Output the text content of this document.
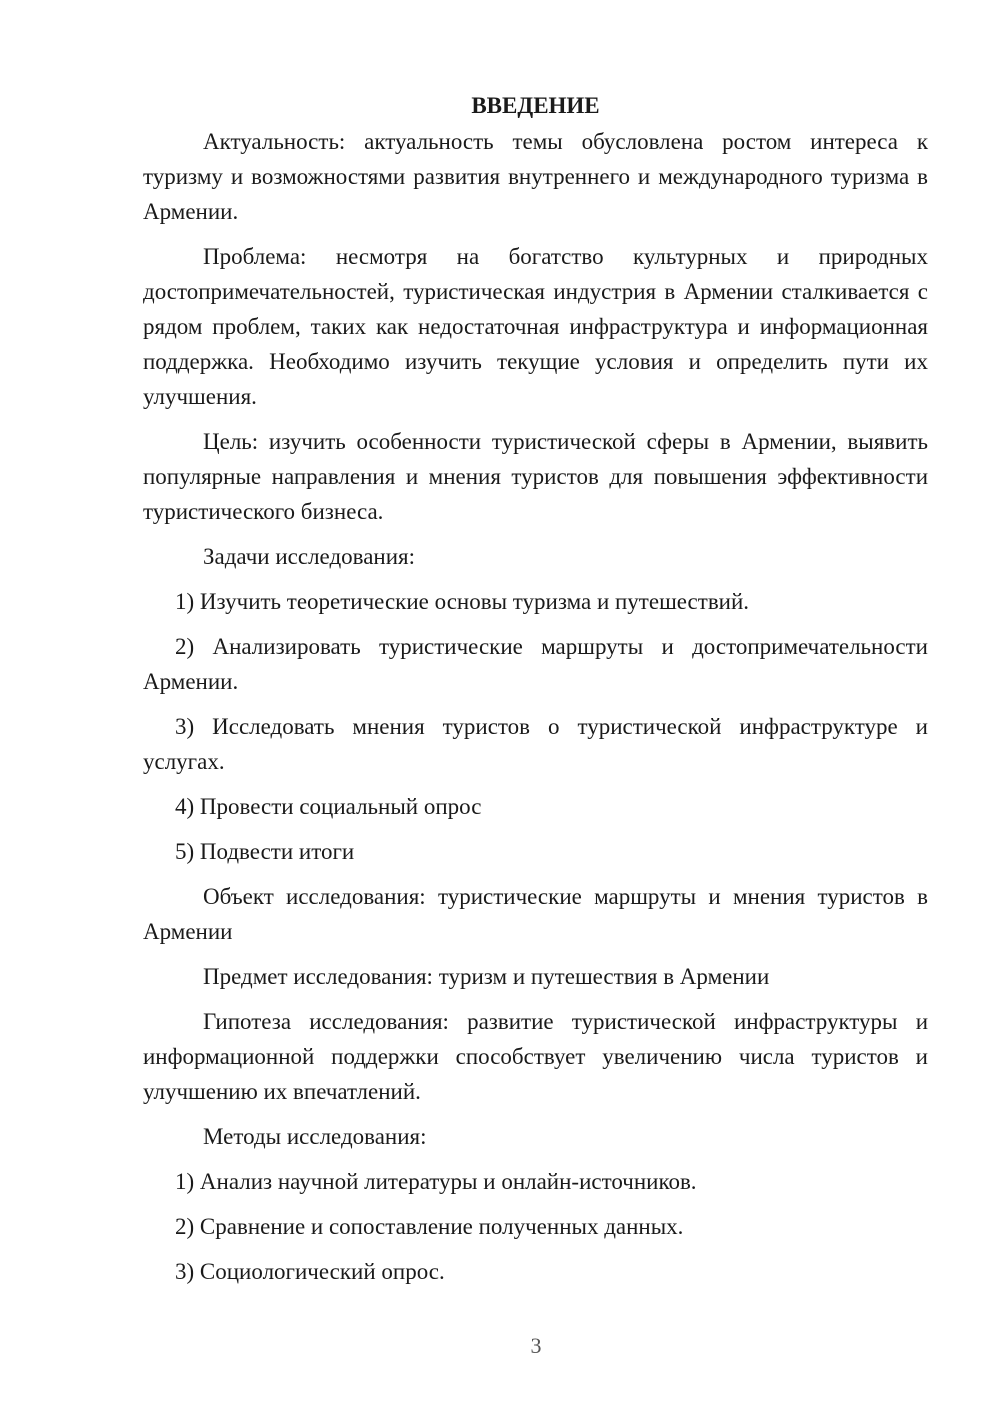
ВВЕДЕНИЕ

Актуальность: актуальность темы обусловлена ростом интереса к туризму и возможностями развития внутреннего и международного туризма в Армении.

Проблема: несмотря на богатство культурных и природных достопримечательностей, туристическая индустрия в Армении сталкивается с рядом проблем, таких как недостаточная инфраструктура и информационная поддержка. Необходимо изучить текущие условия и определить пути их улучшения.

Цель: изучить особенности туристической сферы в Армении, выявить популярные направления и мнения туристов для повышения эффективности туристического бизнеса.

Задачи исследования:

1) Изучить теоретические основы туризма и путешествий.

2) Анализировать туристические маршруты и достопримечательности Армении.

3) Исследовать мнения туристов о туристической инфраструктуре и услугах.

4) Провести социальный опрос

5) Подвести итоги

Объект исследования: туристические маршруты и мнения туристов в Армении

Предмет исследования: туризм и путешествия в Армении

Гипотеза исследования: развитие туристической инфраструктуры и информационной поддержки способствует увеличению числа туристов и улучшению их впечатлений.

Методы исследования:

1) Анализ научной литературы и онлайн-источников.

2) Сравнение и сопоставление полученных данных.

3) Социологический опрос.

3
